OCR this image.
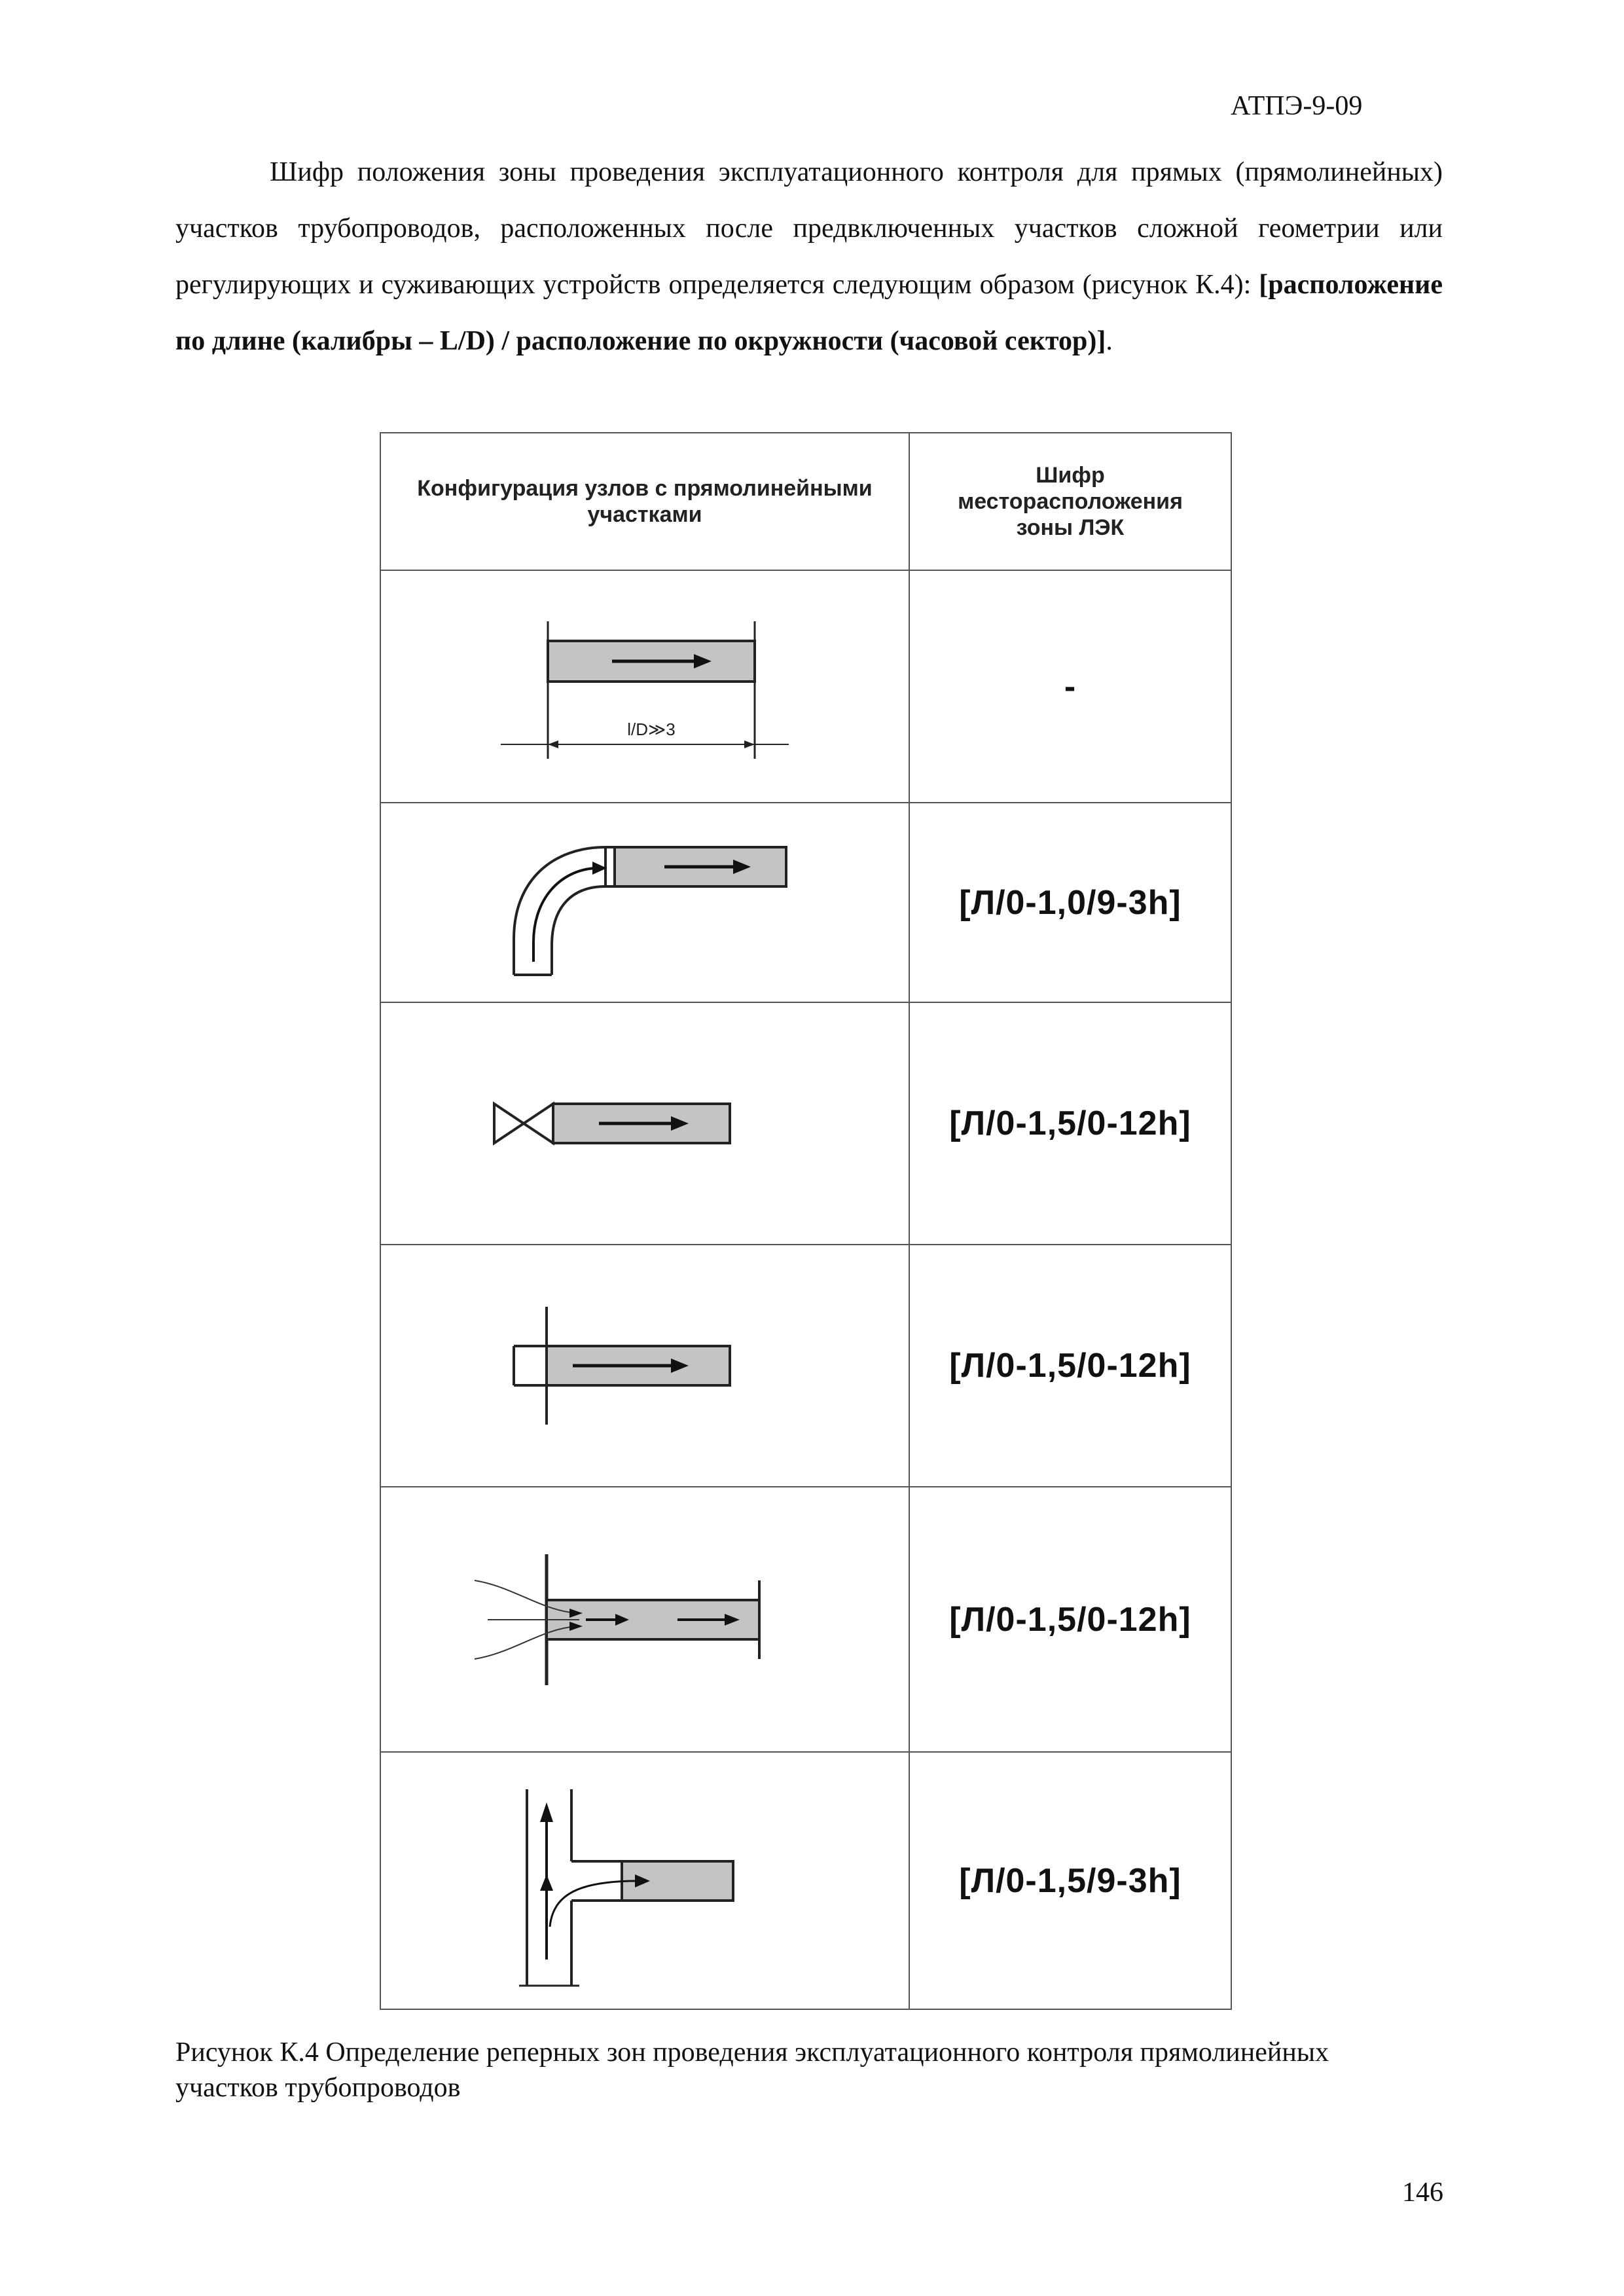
АТПЭ-9-09

Шифр положения зоны проведения эксплуатационного контроля для прямых (прямолинейных) участков трубопроводов, расположенных после предвключенных участков сложной геометрии или регулирующих и суживающих устройств определяется следующим образом (рисунок К.4): [расположение по длине (калибры – L/D) / расположение по окружности (часовой сектор)].

Конфигурация узлов с прямолинейными участками	Шифр месторасположения зоны ЛЭК

l/D≫3	-

	[Л/0-1,0/9-3h]

	[Л/0-1,5/0-12h]

	[Л/0-1,5/0-12h]

	[Л/0-1,5/0-12h]

	[Л/0-1,5/9-3h]

Рисунок К.4 Определение реперных зон проведения эксплуатационного контроля прямолинейных участков трубопроводов

146
